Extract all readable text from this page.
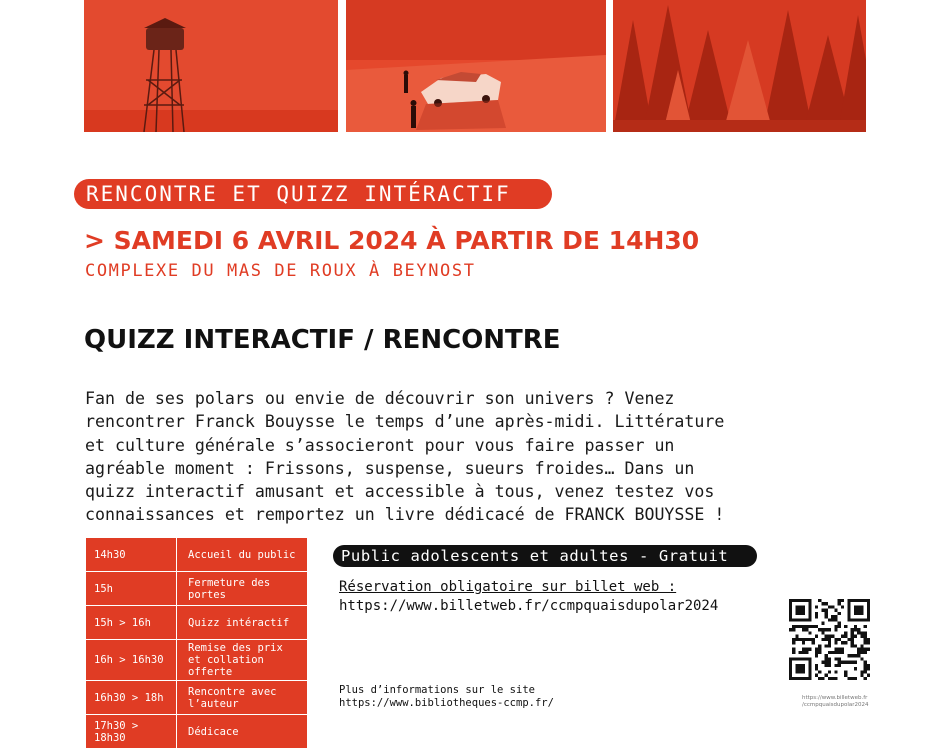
RENCONTRE ET QUIZZ INTÉRACTIF
> SAMEDI 6 AVRIL 2024 À PARTIR DE 14H30
COMPLEXE DU MAS DE ROUX À BEYNOST
QUIZZ INTERACTIF / RENCONTRE
Fan de ses polars ou envie de découvrir son univers ? Venez
rencontrer Franck Bouysse le temps d’une après-midi. Littérature
et culture générale s’associeront pour vous faire passer un
agréable moment : Frissons, suspense, sueurs froides… Dans un
quizz interactif amusant et accessible à tous, venez testez vos
connaissances et remportez un livre dédicacé de FRANCK BOUYSSE !
14h30	Accueil du public
15h	Fermeture des portes
15h > 16h	Quizz intéractif
16h > 16h30	Remise des prix et collation offerte
16h30 > 18h	Rencontre avec l’auteur
17h30 > 18h30	Dédicace
Public adolescents et adultes - Gratuit
Réservation obligatoire sur billet web :
https://www.billetweb.fr/ccmpquaisdupolar2024
Plus d’informations sur le site
https://www.bibliotheques-ccmp.fr/	https://www.billetweb.fr
/ccmpquaisdupolar2024
